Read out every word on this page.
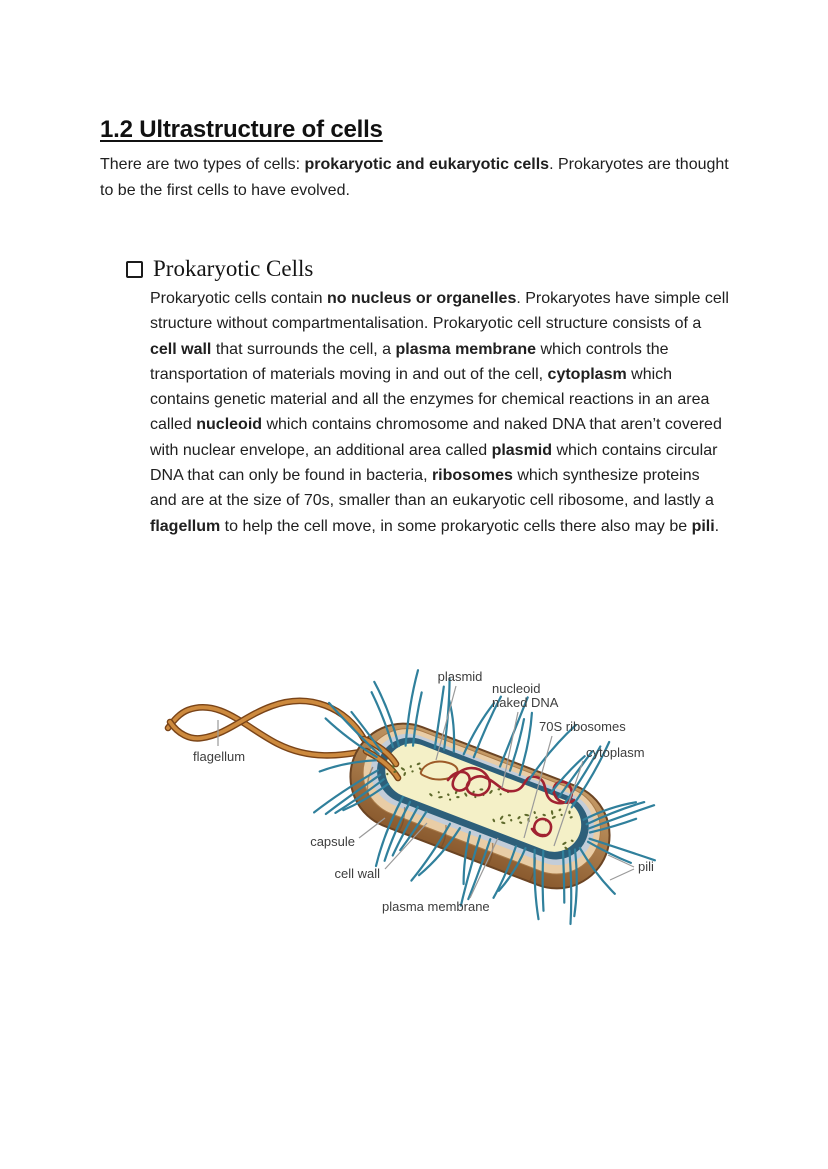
1.2 Ultrastructure of cells

There are two types of cells: prokaryotic and eukaryotic cells. Prokaryotes are thought to be the first cells to have evolved.

Prokaryotic Cells

Prokaryotic cells contain no nucleus or organelles. Prokaryotes have simple cell structure without compartmentalisation. Prokaryotic cell structure consists of a cell wall that surrounds the cell, a plasma membrane which controls the transportation of materials moving in and out of the cell, cytoplasm which contains genetic material and all the enzymes for chemical reactions in an area called nucleoid which contains chromosome and naked DNA that aren’t covered with nuclear envelope, an additional area called plasmid which contains circular DNA that can only be found in bacteria, ribosomes which synthesize proteins and are at the size of 70s, smaller than an eukaryotic cell ribosome, and lastly a flagellum to help the cell move, in some prokaryotic cells there also may be pili.

plasmid
nucleoid
naked DNA
70S ribosomes
cytoplasm
flagellum
capsule
cell wall
plasma membrane
pili
